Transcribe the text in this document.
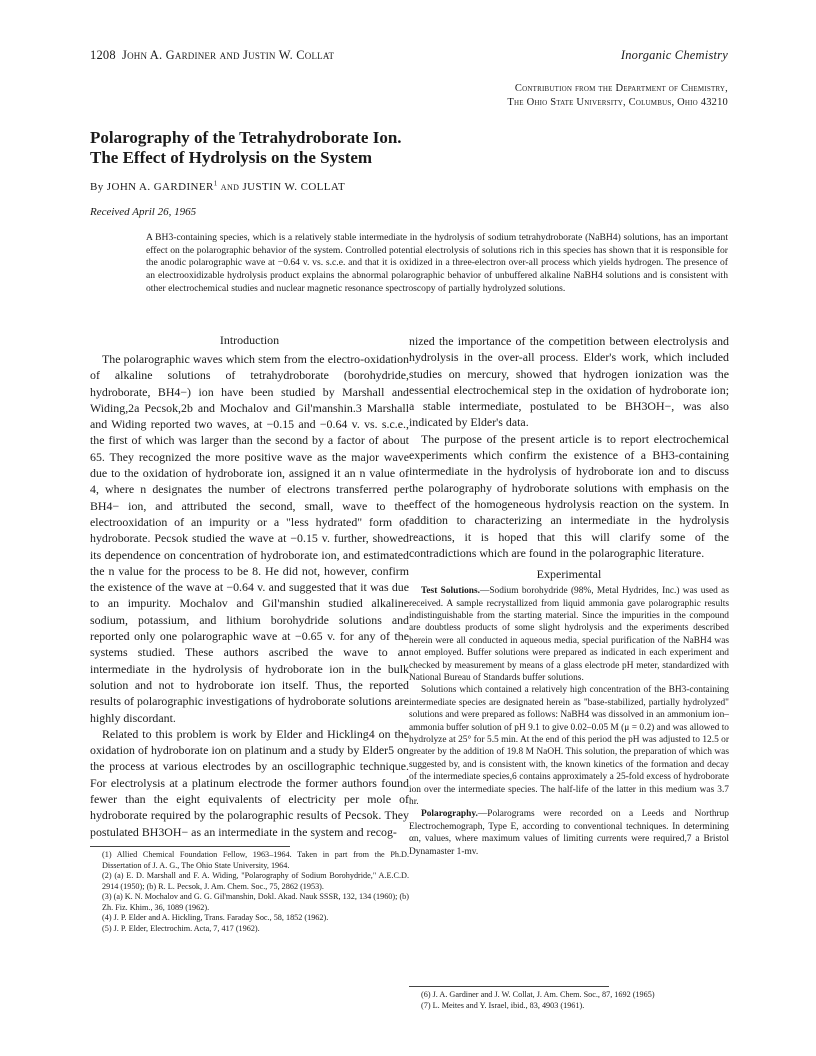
1208 John A. Gardiner and Justin W. Collat	Inorganic Chemistry
Contribution from the Department of Chemistry,
The Ohio State University, Columbus, Ohio 43210
Polarography of the Tetrahydroborate Ion.
The Effect of Hydrolysis on the System
By JOHN A. GARDINER$^1$ and JUSTIN W. COLLAT
Received April 26, 1965
A BH3-containing species, which is a relatively stable intermediate in the hydrolysis of sodium tetrahydroborate (NaBH4) solutions, has an important effect on the polarographic behavior of the system. Controlled potential electrolysis of solutions rich in this species has shown that it is responsible for the anodic polarographic wave at −0.64 v. vs. s.c.e. and that it is oxidized in a three-electron over-all process which yields hydrogen. The presence of an electrooxidizable hydrolysis product explains the abnormal polarographic behavior of unbuffered alkaline NaBH4 solutions and is consistent with other electrochemical studies and nuclear magnetic resonance spectroscopy of partially hydrolyzed solutions.
Introduction

The polarographic waves which stem from the electro-oxidation of alkaline solutions of tetrahydroborate (borohydride, hydroborate, BH4−) ion have been studied by Marshall and Widing,2a Pecsok,2b and Mochalov and Gil'manshin.3 Marshall and Widing reported two waves, at −0.15 and −0.64 v. vs. s.c.e., the first of which was larger than the second by a factor of about 65. They recognized the more positive wave as the major wave due to the oxidation of hydroborate ion, assigned it an n value of 4, where n designates the number of electrons transferred per BH4− ion, and attributed the second, small, wave to the electrooxidation of an impurity or a "less hydrated" form of hydroborate. Pecsok studied the wave at −0.15 v. further, showed its dependence on concentration of hydroborate ion, and estimated the n value for the process to be 8. He did not, however, confirm the existence of the wave at −0.64 v. and suggested that it was due to an impurity. Mochalov and Gil'manshin studied alkaline sodium, potassium, and lithium borohydride solutions and reported only one polarographic wave at −0.65 v. for any of the systems studied. These authors ascribed the wave to an intermediate in the hydrolysis of hydroborate ion in the bulk solution and not to hydroborate ion itself. Thus, the reported results of polarographic investigations of hydroborate solutions are highly discordant.

Related to this problem is work by Elder and Hickling4 on the oxidation of hydroborate ion on platinum and a study by Elder5 on the process at various electrodes by an oscillographic technique. For electrolysis at a platinum electrode the former authors found fewer than the eight equivalents of electricity per mole of hydroborate required by the polarographic results of Pecsok. They postulated BH3OH− as an intermediate in the system and recog-

(1) Allied Chemical Foundation Fellow, 1963–1964. Taken in part from the Ph.D. Dissertation of J. A. G., The Ohio State University, 1964.

(2) (a) E. D. Marshall and F. A. Widing, "Polarography of Sodium Borohydride," A.E.C.D. 2914 (1950); (b) R. L. Pecsok, J. Am. Chem. Soc., 75, 2862 (1953).

(3) (a) K. N. Mochalov and G. G. Gil'manshin, Dokl. Akad. Nauk SSSR, 132, 134 (1960); (b) Zh. Fiz. Khim., 36, 1089 (1962).

(4) J. P. Elder and A. Hickling, Trans. Faraday Soc., 58, 1852 (1962).

(5) J. P. Elder, Electrochim. Acta, 7, 417 (1962).

nized the importance of the competition between electrolysis and hydrolysis in the over-all process. Elder's work, which included studies on mercury, showed that hydrogen ionization was the essential electrochemical step in the oxidation of hydroborate ion; a stable intermediate, postulated to be BH3OH−, was also indicated by Elder's data.

The purpose of the present article is to report electrochemical experiments which confirm the existence of a BH3-containing intermediate in the hydrolysis of hydroborate ion and to discuss the polarography of hydroborate solutions with emphasis on the effect of the homogeneous hydrolysis reaction on the system. In addition to characterizing an intermediate in the hydrolysis reactions, it is hoped that this will clarify some of the contradictions which are found in the polarographic literature.

Experimental

Test Solutions.—Sodium borohydride (98%, Metal Hydrides, Inc.) was used as received. A sample recrystallized from liquid ammonia gave polarographic results indistinguishable from the starting material. Since the impurities in the compound are doubtless products of some slight hydrolysis and the experiments described herein were all conducted in aqueous media, special purification of the NaBH4 was not employed. Buffer solutions were prepared as indicated in each experiment and checked by measurement by means of a glass electrode pH meter, standardized with National Bureau of Standards buffer solutions.

Solutions which contained a relatively high concentration of the BH3-containing intermediate species are designated herein as "base-stabilized, partially hydrolyzed" solutions and were prepared as follows: NaBH4 was dissolved in an ammonium ion–ammonia buffer solution of pH 9.1 to give 0.02–0.05 M (μ = 0.2) and was allowed to hydrolyze at 25° for 5.5 min. At the end of this period the pH was adjusted to 12.5 or greater by the addition of 19.8 M NaOH. This solution, the preparation of which was suggested by, and is consistent with, the known kinetics of the formation and decay of the intermediate species,6 contains approximately a 25-fold excess of hydroborate ion over the intermediate species. The half-life of the latter in this medium was 3.7 hr.

Polarography.—Polarograms were recorded on a Leeds and Northrup Electrochemograph, Type E, according to conventional techniques. In determining αn, values, where maximum values of limiting currents were required,7 a Bristol Dynamaster 1-mv.

(6) J. A. Gardiner and J. W. Collat, J. Am. Chem. Soc., 87, 1692 (1965)

(7) L. Meites and Y. Israel, ibid., 83, 4903 (1961).
